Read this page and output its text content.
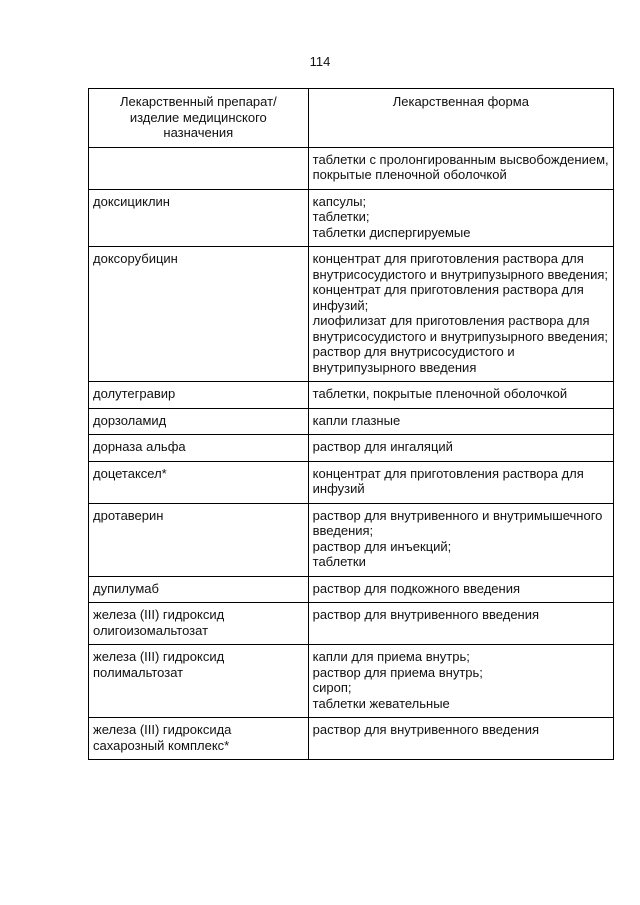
114
Лекарственный препарат/ изделие медицинского назначения	Лекарственная форма

	таблетки с пролонгированным высвобождением, покрытые пленочной оболочкой

доксициклин	капсулы;
таблетки;
таблетки диспергируемые

доксорубицин	концентрат для приготовления раствора для внутрисосудистого и внутрипузырного введения;
концентрат для приготовления раствора для инфузий;
лиофилизат для приготовления раствора для внутрисосудистого и внутрипузырного введения;
раствор для внутрисосудистого и внутрипузырного введения

долутегравир	таблетки, покрытые пленочной оболочкой

дорзоламид	капли глазные

дорназа альфа	раствор для ингаляций

доцетаксел*	концентрат для приготовления раствора для инфузий

дротаверин	раствор для внутривенного и внутримышечного введения;
раствор для инъекций;
таблетки

дупилумаб	раствор для подкожного введения

железа (III) гидроксид олигоизомальтозат	раствор для внутривенного введения

железа (III) гидроксид полимальтозат	капли для приема внутрь;
раствор для приема внутрь;
сироп;
таблетки жевательные

железа (III) гидроксида сахарозный комплекс*	раствор для внутривенного введения
